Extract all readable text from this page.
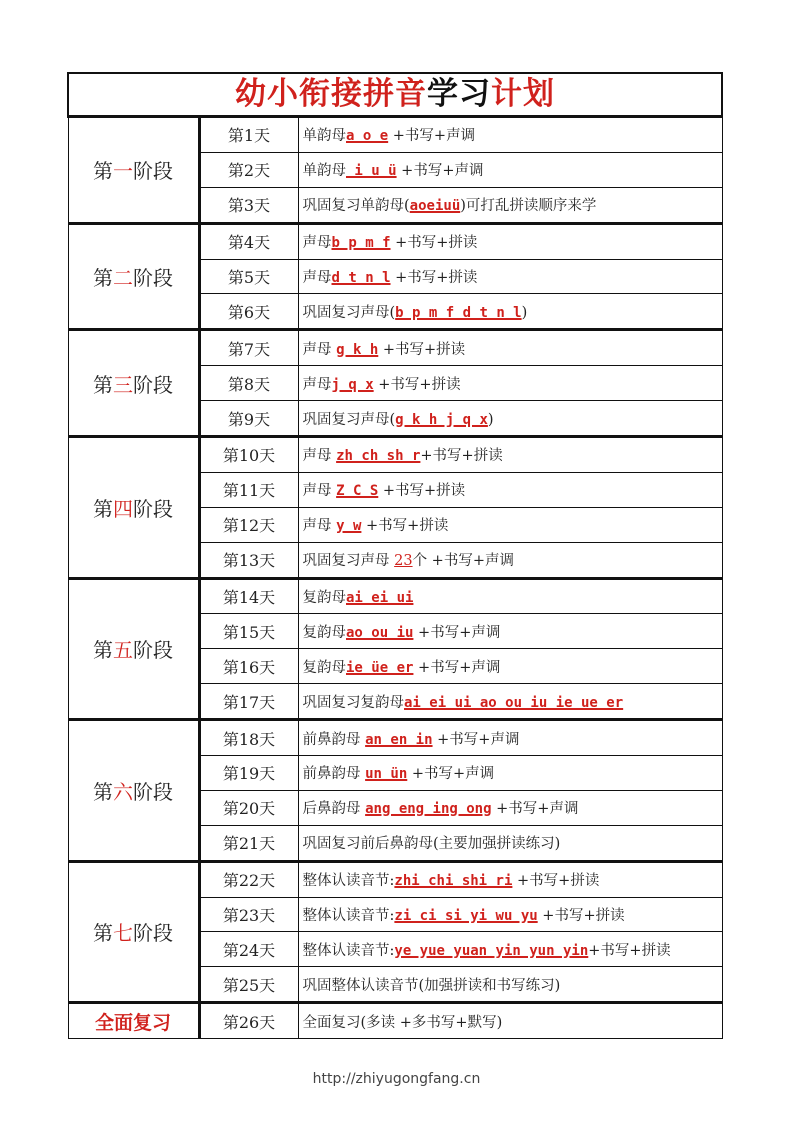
幼小衔接拼音学习计划		
第一阶段	第1天	单韵母a o e +书写+声调
	第2天	单韵母 i u ü +书写+声调
	第3天	巩固复习单韵母(aoeiuü)可打乱拼读顺序来学
第二阶段	第4天	声母b p m f +书写+拼读
	第5天	声母d t n l +书写+拼读
	第6天	巩固复习声母(b p m f d t n l)
第三阶段	第7天	声母 g k h +书写+拼读
	第8天	声母j q x +书写+拼读
	第9天	巩固复习声母(g k h j q x)
第四阶段	第10天	声母 zh ch sh r+书写+拼读
	第11天	声母 Z C S +书写+拼读
	第12天	声母 y w +书写+拼读
	第13天	巩固复习声母 23个 +书写+声调
第五阶段	第14天	复韵母ai ei ui
	第15天	复韵母ao ou iu +书写+声调
	第16天	复韵母ie üe er +书写+声调
	第17天	巩固复习复韵母ai ei ui ao ou iu ie ue er
第六阶段	第18天	前鼻韵母 an en in +书写+声调
	第19天	前鼻韵母 un ün +书写+声调
	第20天	后鼻韵母 ang eng ing ong +书写+声调
	第21天	巩固复习前后鼻韵母(主要加强拼读练习)
第七阶段	第22天	整体认读音节:zhi chi shi ri +书写+拼读
	第23天	整体认读音节:zi ci si yi wu yu +书写+拼读
	第24天	整体认读音节:ye yue yuan yin yun yin+书写+拼读
	第25天	巩固整体认读音节(加强拼读和书写练习)
全面复习	第26天	全面复习(多读 +多书写+默写)
http://zhiyugongfang.cn
